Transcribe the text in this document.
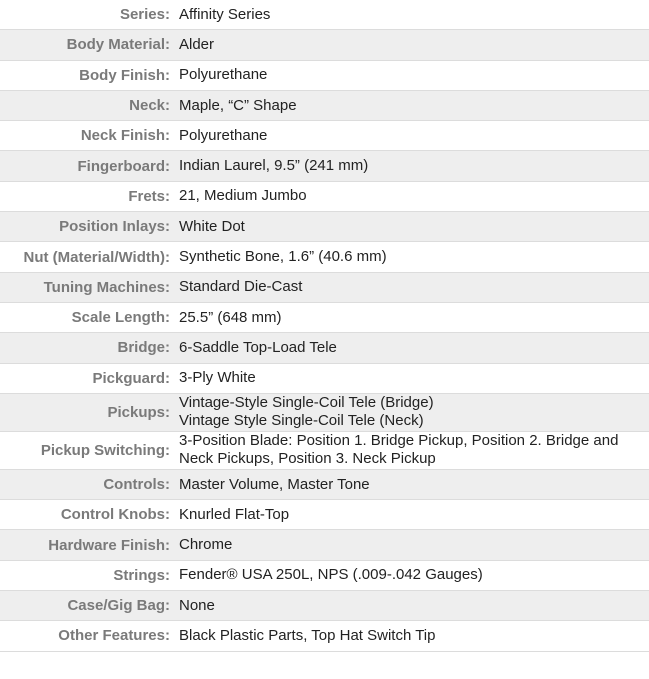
Series:	Affinity Series
Body Material:	Alder
Body Finish:	Polyurethane
Neck:	Maple, “C” Shape
Neck Finish:	Polyurethane
Fingerboard:	Indian Laurel, 9.5” (241 mm)
Frets:	21, Medium Jumbo
Position Inlays:	White Dot
Nut (Material/Width):	Synthetic Bone, 1.6” (40.6 mm)
Tuning Machines:	Standard Die-Cast
Scale Length:	25.5” (648 mm)
Bridge:	6-Saddle Top-Load Tele
Pickguard:	3-Ply White
Pickups:	Vintage-Style Single-Coil Tele (Bridge)
Vintage Style Single-Coil Tele (Neck)

Pickup Switching:	3-Position Blade: Position 1. Bridge Pickup, Position 2. Bridge and Neck Pickups, Position 3. Neck Pickup
Controls:	Master Volume, Master Tone
Control Knobs:	Knurled Flat-Top
Hardware Finish:	Chrome
Strings:	Fender® USA 250L, NPS (.009-.042 Gauges)
Case/Gig Bag:	None
Other Features:	Black Plastic Parts, Top Hat Switch Tip
